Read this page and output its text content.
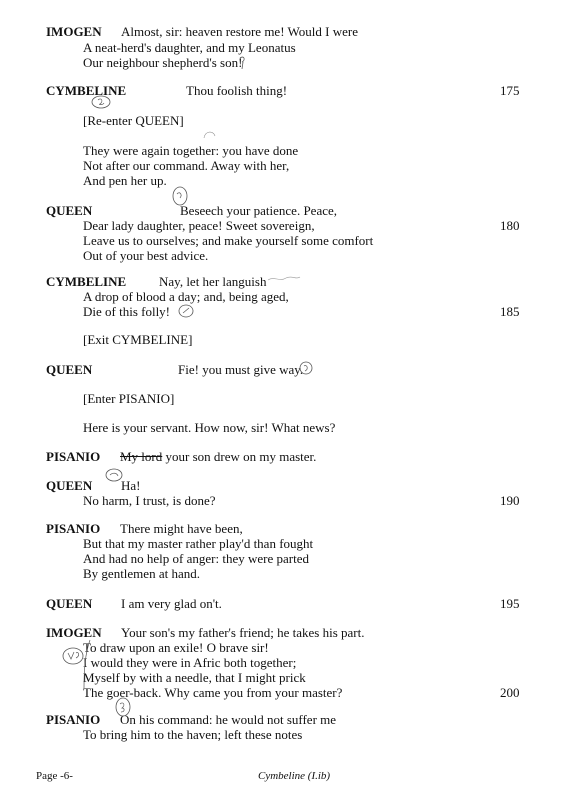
IMOGEN Almost, sir: heaven restore me! Would I were
A neat-herd's daughter, and my Leonatus
Our neighbour shepherd's son!
CYMBELINE	Thou foolish thing!	175
[Re-enter QUEEN]
They were again together: you have done
Not after our command. Away with her,
And pen her up.
QUEEN	Beseech your patience. Peace,
Dear lady daughter, peace! Sweet sovereign,	180
Leave us to ourselves; and make yourself some comfort
Out of your best advice.
CYMBELINE	Nay, let her languish
A drop of blood a day; and, being aged,
Die of this folly!	185
[Exit CYMBELINE]
QUEEN	Fie! you must give way.
[Enter PISANIO]
Here is your servant. How now, sir! What news?
PISANIO My lord your son drew on my master.
QUEEN Ha!
No harm, I trust, is done?	190
PISANIO There might have been,
But that my master rather play'd than fought
And had no help of anger: they were parted
By gentlemen at hand.
QUEEN I am very glad on't.	195
IMOGEN Your son's my father's friend; he takes his part.
To draw upon an exile! O brave sir!
I would they were in Afric both together;
Myself by with a needle, that I might prick
The goer-back. Why came you from your master?	200
PISANIO On his command: he would not suffer me
To bring him to the haven; left these notes
Page -6-	Cymbeline (I.ib)
